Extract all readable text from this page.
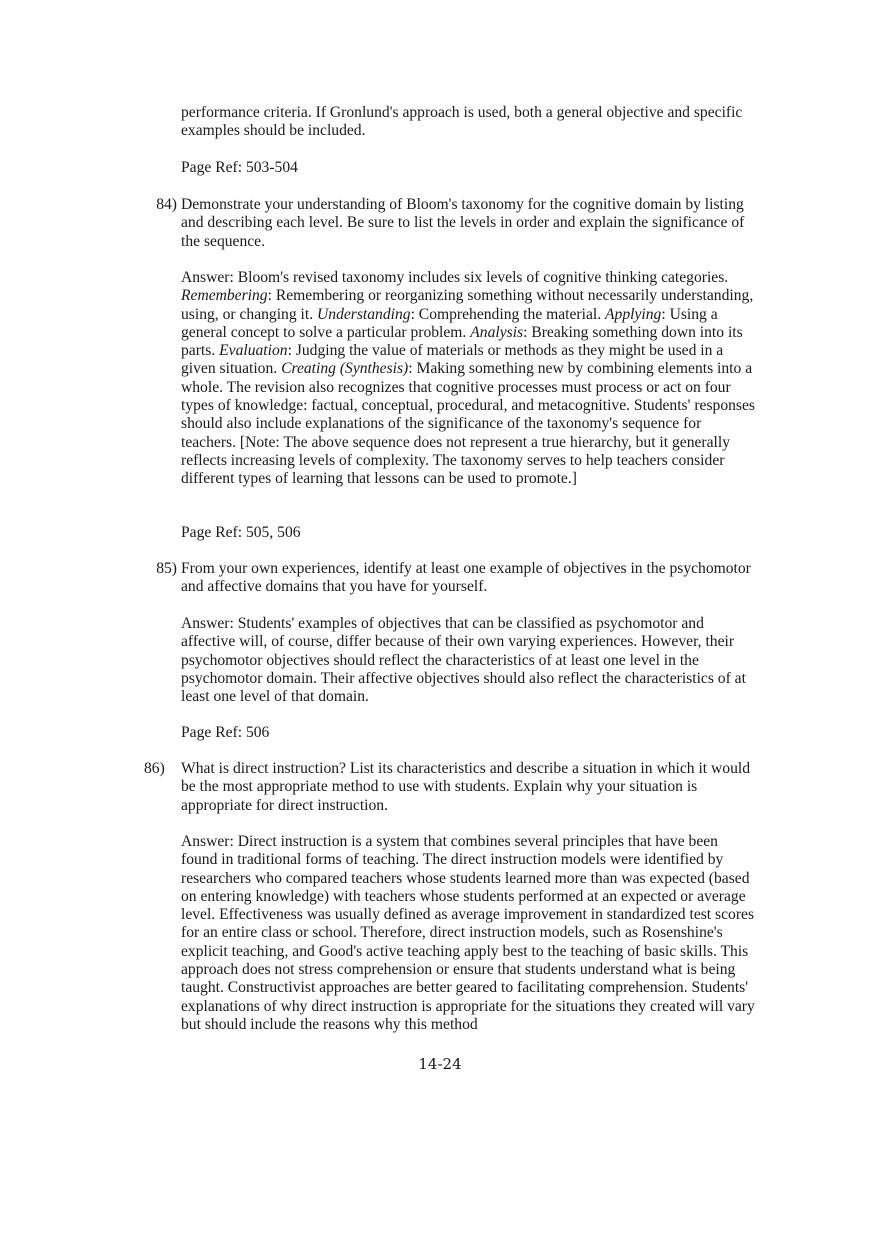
performance criteria. If Gronlund's approach is used, both a general objective and specific examples should be included.

Page Ref: 503-504

84) Demonstrate your understanding of Bloom's taxonomy for the cognitive domain by listing and describing each level. Be sure to list the levels in order and explain the significance of the sequence.

Answer: Bloom's revised taxonomy includes six levels of cognitive thinking categories. Remembering: Remembering or reorganizing something without necessarily understanding, using, or changing it. Understanding: Comprehending the material. Applying: Using a general concept to solve a particular problem. Analysis: Breaking something down into its parts. Evaluation: Judging the value of materials or methods as they might be used in a given situation. Creating (Synthesis): Making something new by combining elements into a whole. The revision also recognizes that cognitive processes must process or act on four types of knowledge: factual, conceptual, procedural, and metacognitive. Students' responses should also include explanations of the significance of the taxonomy's sequence for teachers. [Note: The above sequence does not represent a true hierarchy, but it generally reflects increasing levels of complexity. The taxonomy serves to help teachers consider different types of learning that lessons can be used to promote.]

Page Ref: 505, 506

85) From your own experiences, identify at least one example of objectives in the psychomotor and affective domains that you have for yourself.

Answer: Students' examples of objectives that can be classified as psychomotor and affective will, of course, differ because of their own varying experiences. However, their psychomotor objectives should reflect the characteristics of at least one level in the psychomotor domain. Their affective objectives should also reflect the characteristics of at least one level of that domain.

Page Ref: 506

86)	What is direct instruction? List its characteristics and describe a situation in which it would be the most appropriate method to use with students. Explain why your situation is appropriate for direct instruction.

Answer: Direct instruction is a system that combines several principles that have been found in traditional forms of teaching. The direct instruction models were identified by researchers who compared teachers whose students learned more than was expected (based on entering knowledge) with teachers whose students performed at an expected or average level. Effectiveness was usually defined as average improvement in standardized test scores for an entire class or school. Therefore, direct instruction models, such as Rosenshine's explicit teaching, and Good's active teaching apply best to the teaching of basic skills. This approach does not stress comprehension or ensure that students understand what is being taught. Constructivist approaches are better geared to facilitating comprehension. Students' explanations of why direct instruction is appropriate for the situations they created will vary but should include the reasons why this method

14-24
